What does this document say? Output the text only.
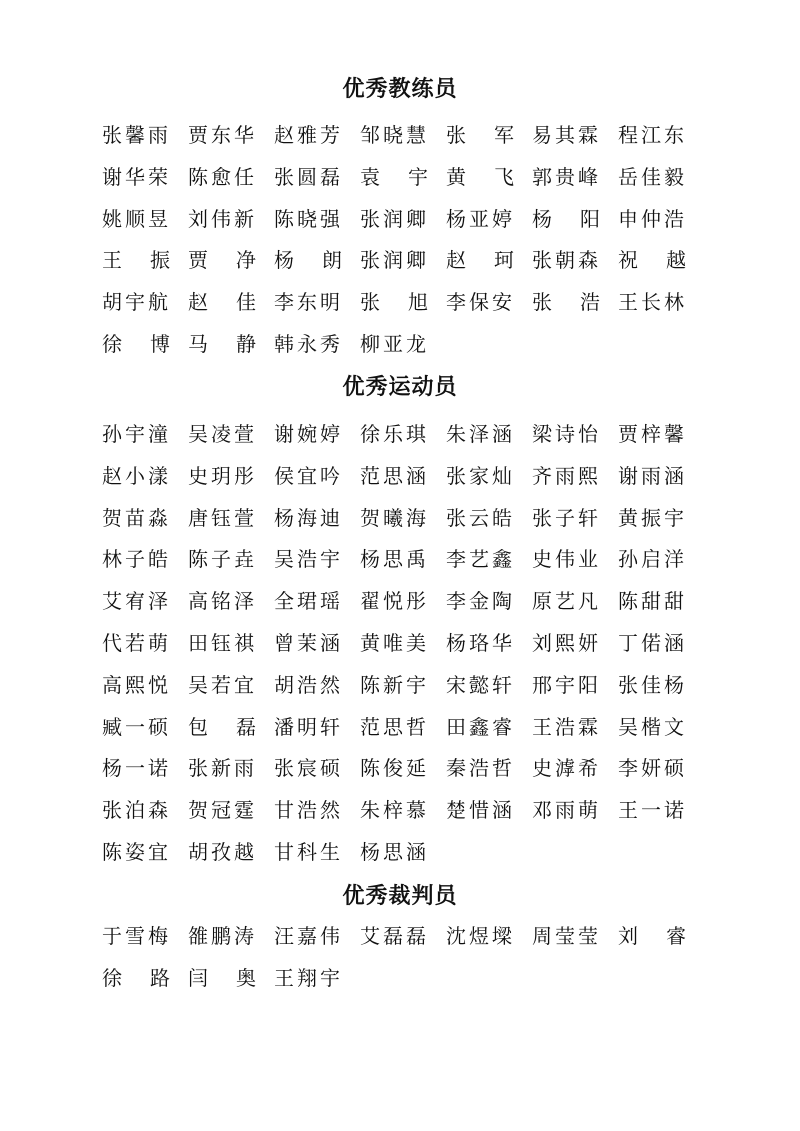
优秀教练员
张 馨 雨 贾 东 华 赵 雅 芳 邹 晓 慧 张 军 易 其 霖 程 江 东
谢 华 荣 陈 愈 任 张 圆 磊 袁 宇 黄 飞 郭 贵 峰 岳 佳 毅
姚 顺 昱 刘 伟 新 陈 晓 强 张 润 卿 杨 亚 婷 杨 阳 申 仲 浩
王 振 贾 净 杨 朗 张 润 卿 赵 珂 张 朝 森 祝 越
胡 宇 航 赵 佳 李 东 明 张 旭 李 保 安 张 浩 王 长 林
徐 博 马 静 韩 永 秀 柳 亚 龙
优秀运动员
孙 宇 潼 吴 凌 萱 谢 婉 婷 徐 乐 琪 朱 泽 涵 梁 诗 怡 贾 梓 馨
赵 小 漾 史 玥 彤 侯 宜 吟 范 思 涵 张 家 灿 齐 雨 熙 谢 雨 涵
贺 苗 淼 唐 钰 萱 杨 海 迪 贺 曦 海 张 云 皓 张 子 轩 黄 振 宇
林 子 皓 陈 子 垚 吴 浩 宇 杨 思 禹 李 艺 鑫 史 伟 业 孙 启 洋
艾 宥 泽 高 铭 泽 全 珺 瑶 翟 悦 彤 李 金 陶 原 艺 凡 陈 甜 甜
代 若 萌 田 钰 祺 曾 茉 涵 黄 唯 美 杨 珞 华 刘 熙 妍 丁 偌 涵
高 熙 悦 吴 若 宜 胡 浩 然 陈 新 宇 宋 懿 轩 邢 宇 阳 张 佳 杨
臧 一 硕 包 磊 潘 明 轩 范 思 哲 田 鑫 睿 王 浩 霖 吴 楷 文
杨 一 诺 张 新 雨 张 宸 硕 陈 俊 延 秦 浩 哲 史 滹 希 李 妍 硕
张 泊 森 贺 冠 霆 甘 浩 然 朱 梓 慕 楚 惜 涵 邓 雨 萌 王 一 诺
陈 姿 宜 胡 孜 越 甘 科 生 杨 思 涵
优秀裁判员
于 雪 梅 雒 鹏 涛 汪 嘉 伟 艾 磊 磊 沈 煜 墚 周 莹 莹 刘 睿
徐 路 闫 奥 王 翔 宇
